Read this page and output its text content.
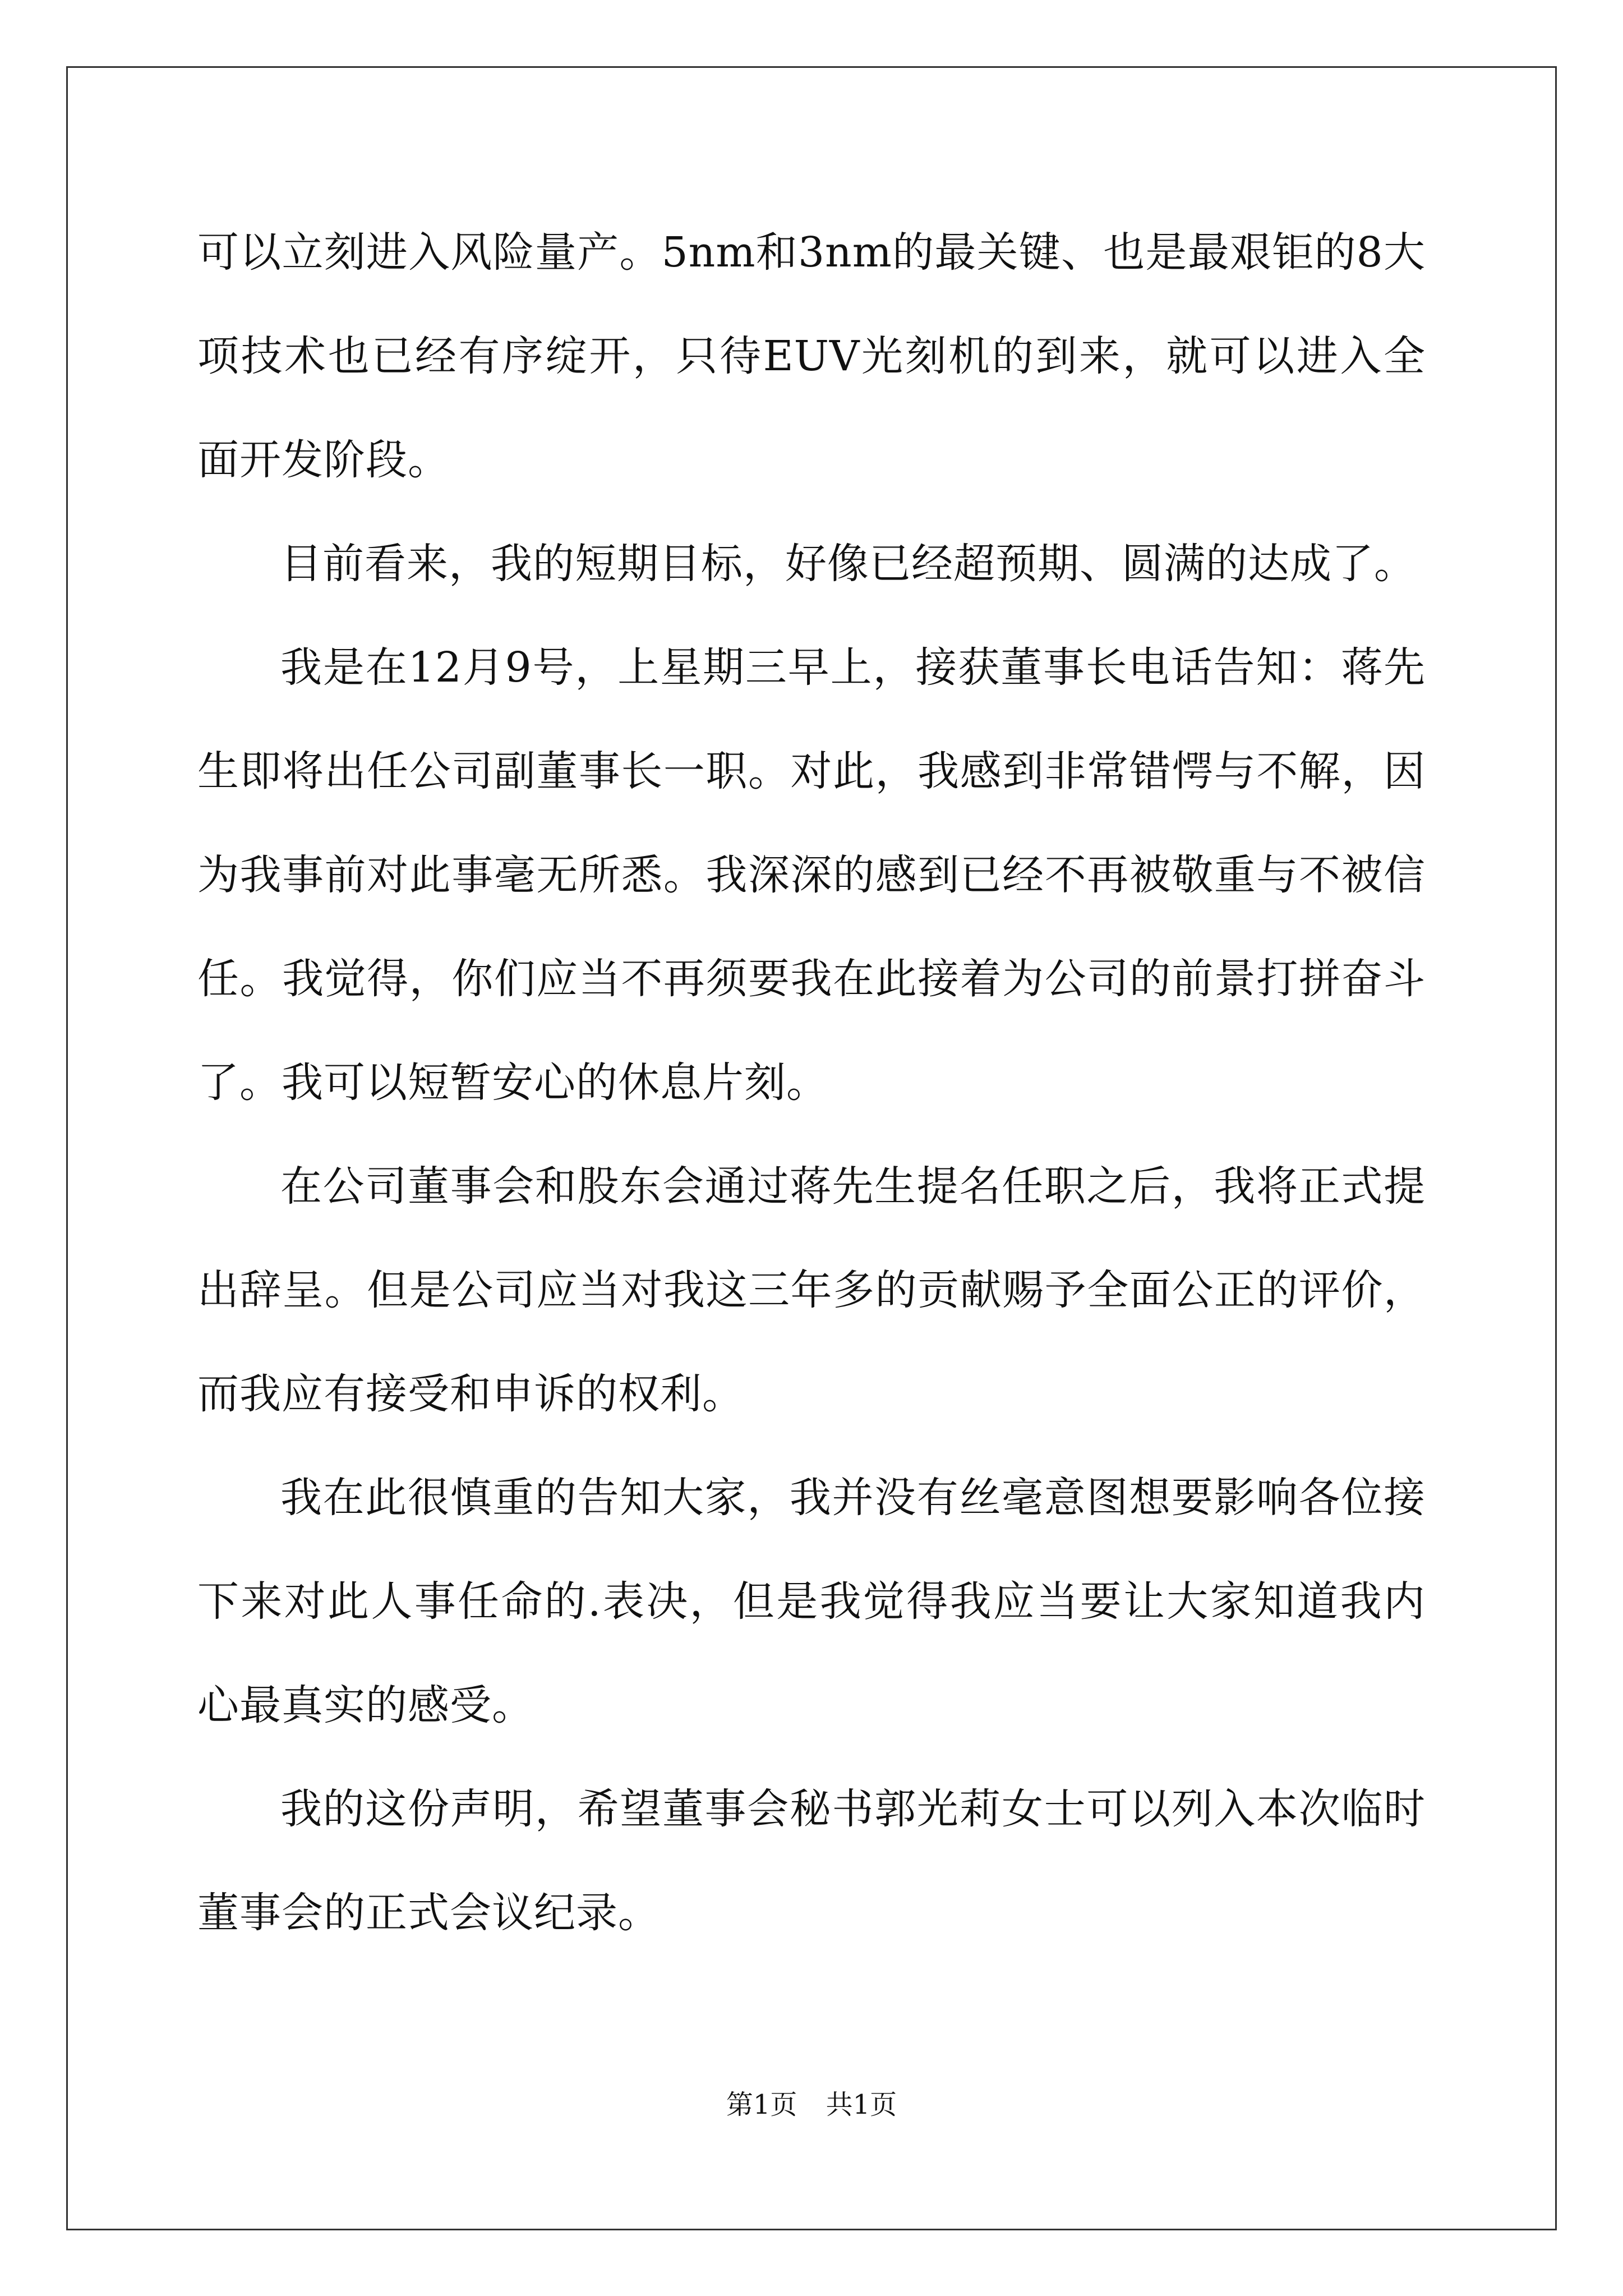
可以立刻进入风险量产。5nm和3nm的最关键、也是最艰钜的8大项技术也已经有序绽开，只待EUV光刻机的到来，就可以进入全面开发阶段。

目前看来，我的短期目标，好像已经超预期、圆满的达成了。

我是在12月9号，上星期三早上，接获董事长电话告知：蒋先生即将出任公司副董事长一职。对此，我感到非常错愕与不解，因为我事前对此事毫无所悉。我深深的感到已经不再被敬重与不被信任。我觉得，你们应当不再须要我在此接着为公司的前景打拼奋斗了。我可以短暂安心的休息片刻。

在公司董事会和股东会通过蒋先生提名任职之后，我将正式提出辞呈。但是公司应当对我这三年多的贡献赐予全面公正的评价，而我应有接受和申诉的权利。

我在此很慎重的告知大家，我并没有丝毫意图想要影响各位接下来对此人事任命的.表决，但是我觉得我应当要让大家知道我内心最真实的感受。

我的这份声明，希望董事会秘书郭光莉女士可以列入本次临时董事会的正式会议纪录。

第1页 共1页
